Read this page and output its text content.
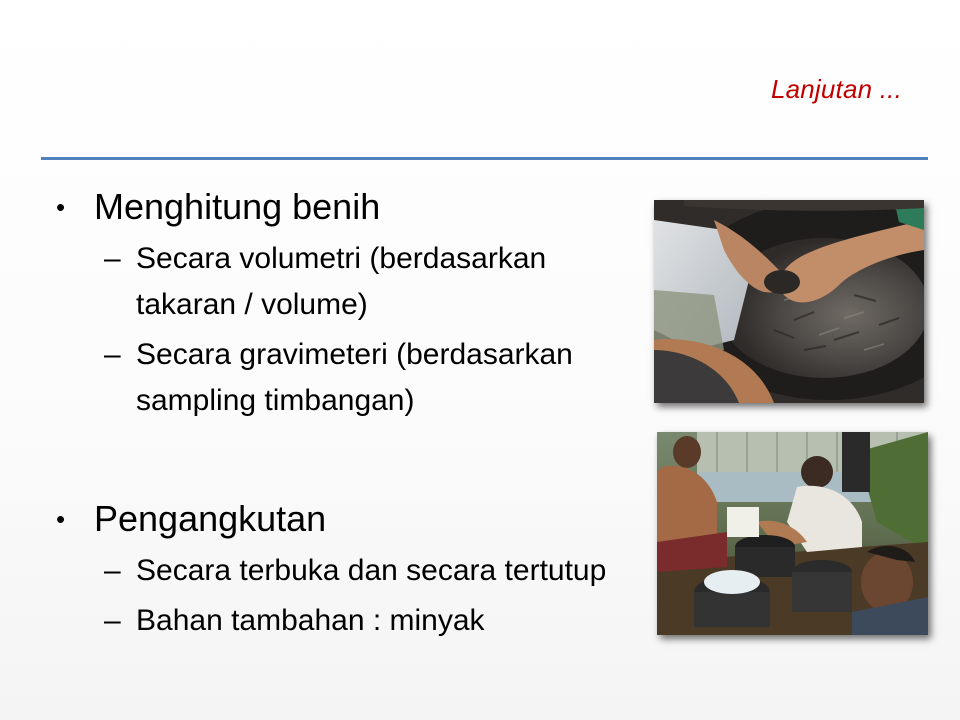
Lanjutan ...
• Menghitung benih
– Secara volumetri (berdasarkan takaran / volume)
– Secara gravimeteri (berdasarkan sampling timbangan)
• Pengangkutan
– Secara terbuka dan secara tertutup
– Bahan tambahan : minyak
